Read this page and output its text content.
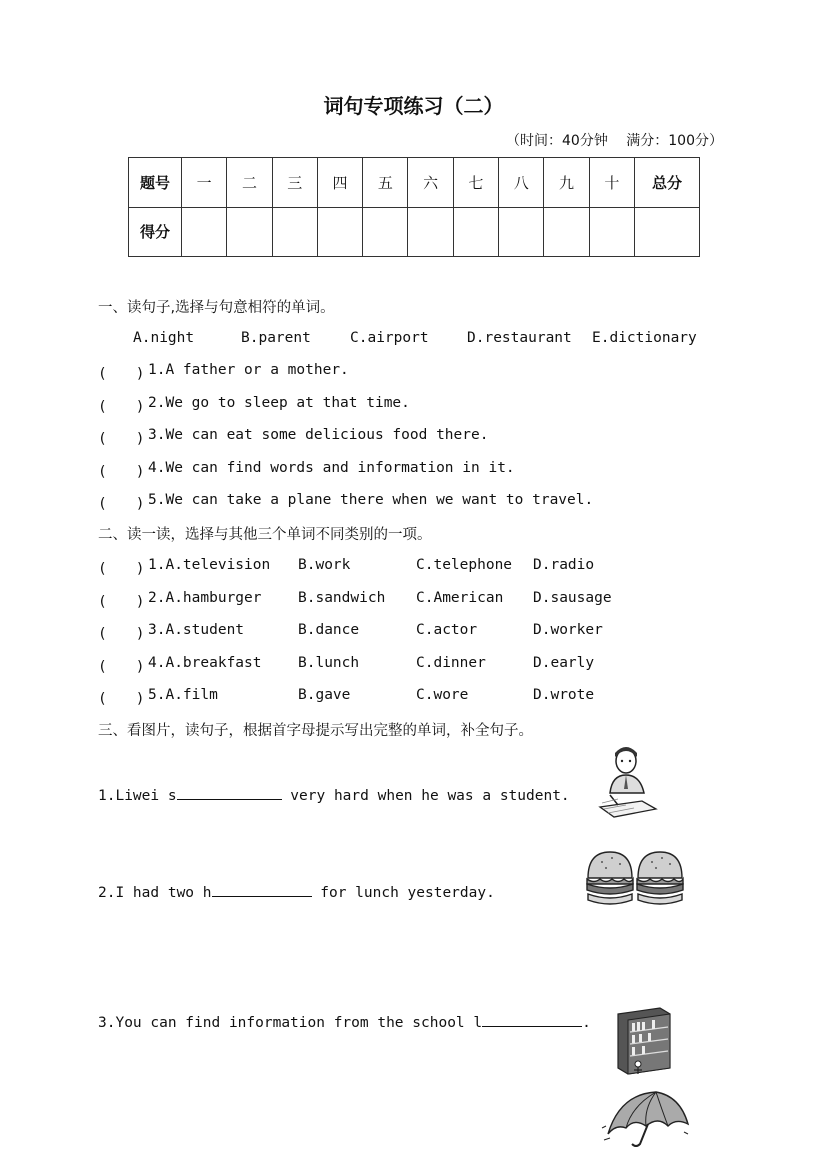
词句专项练习（二）
（时间：40分钟　 满分：100分）
题号	一	二	三	四	五	六	七	八	九	十	总分
得分											
一、读句子,选择与句意相符的单词。
A.night	B.parent	C.airport	D.restaurant E.dictionary
(　　) 1.A father or a mother.
(　　) 2.We go to sleep at that time.
(　　) 3.We can eat some delicious food there.
(　　) 4.We can find words and information in it.
(　　) 5.We can take a plane there when we want to travel.
二、读一读，选择与其他三个单词不同类别的一项。
(　　) 1.A.television B.work	C.telephone D.radio
(　　) 2.A.hamburger	B.sandwich C.American D.sausage
(　　) 3.A.student	B.dance	C.actor	D.worker
(　　) 4.A.breakfast	B.lunch	C.dinner	D.early
(　　) 5.A.film	B.gave	C.wore	D.wrote
三、看图片，读句子，根据首字母提示写出完整的单词，补全句子。
1.Liwei s	very hard when he was a student.
2.I had two h	for lunch yesterday.
3.You can find information from the school l	.
